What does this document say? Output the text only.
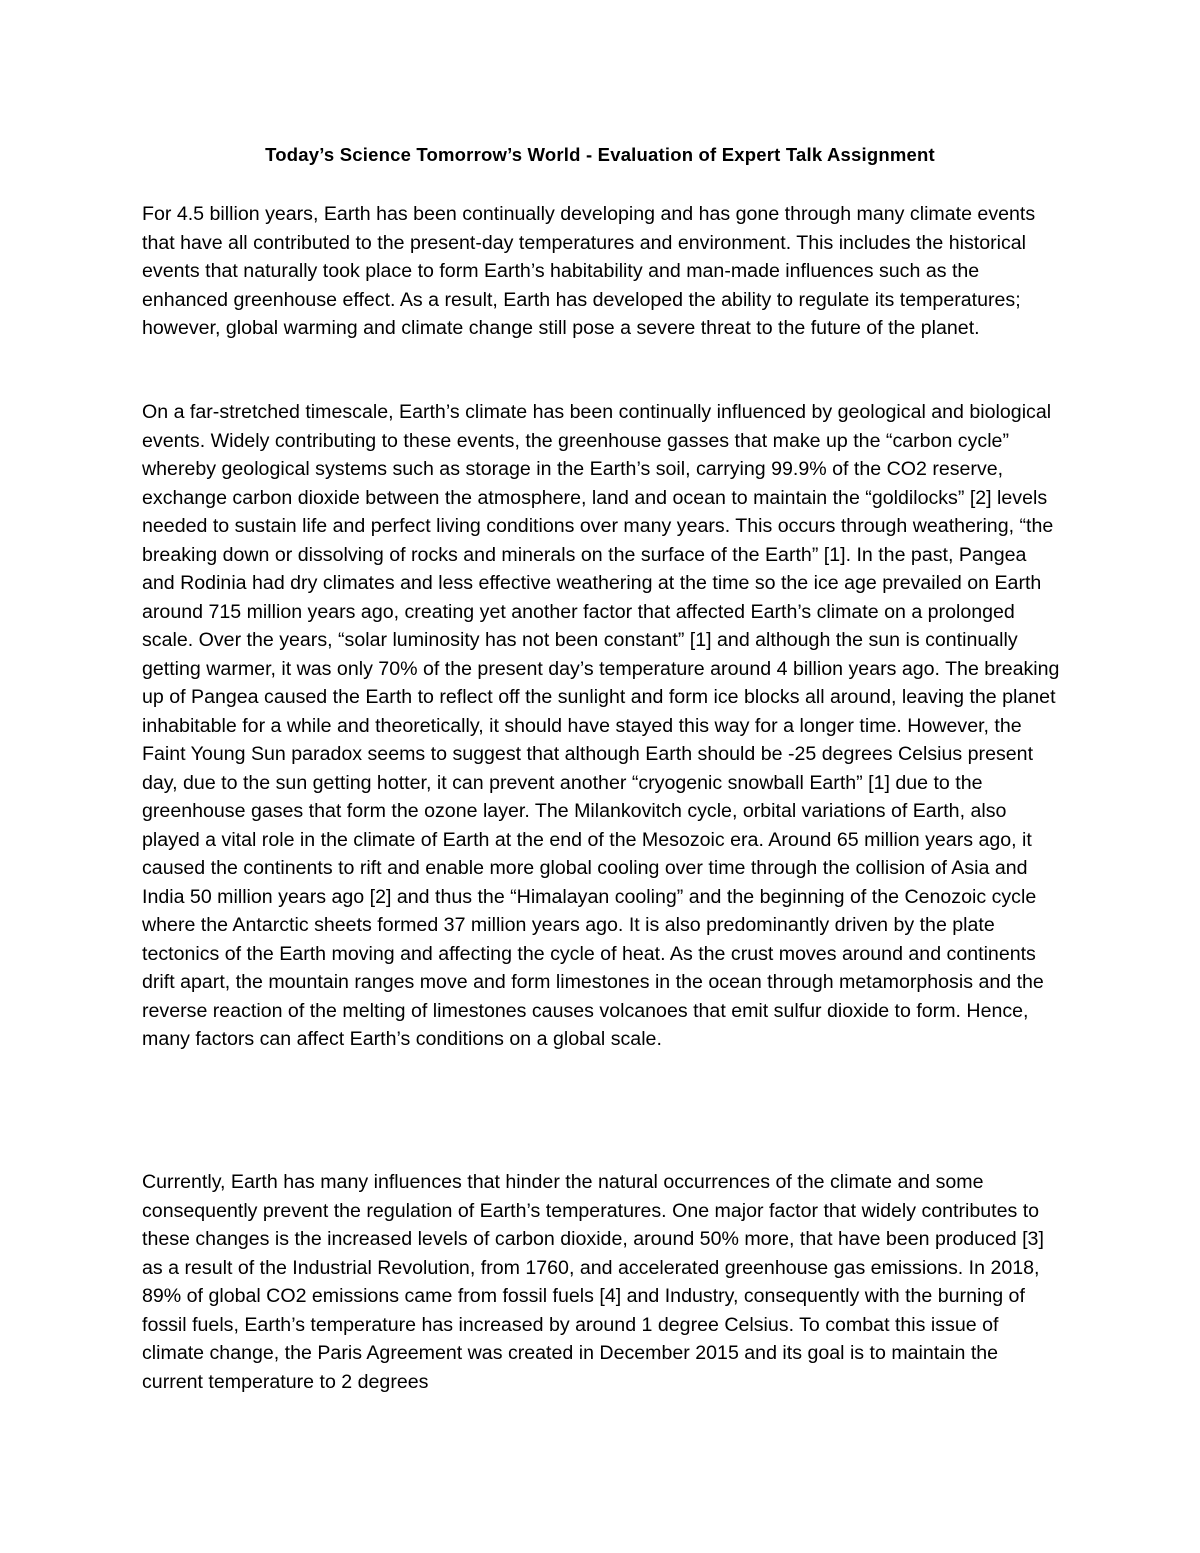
Today’s Science Tomorrow’s World - Evaluation of Expert Talk Assignment

For 4.5 billion years, Earth has been continually developing and has gone through many climate events that have all contributed to the present-day temperatures and environment. This includes the historical events that naturally took place to form Earth’s habitability and man-made influences such as the enhanced greenhouse effect. As a result, Earth has developed the ability to regulate its temperatures; however, global warming and climate change still pose a severe threat to the future of the planet.

On a far-stretched timescale, Earth’s climate has been continually influenced by geological and biological events. Widely contributing to these events, the greenhouse gasses that make up the “carbon cycle” whereby geological systems such as storage in the Earth’s soil, carrying 99.9% of the CO2 reserve, exchange carbon dioxide between the atmosphere, land and ocean to maintain the “goldilocks” [2] levels needed to sustain life and perfect living conditions over many years. This occurs through weathering, “the breaking down or dissolving of rocks and minerals on the surface of the Earth” [1]. In the past, Pangea and Rodinia had dry climates and less effective weathering at the time so the ice age prevailed on Earth around 715 million years ago, creating yet another factor that affected Earth’s climate on a prolonged scale. Over the years, “solar luminosity has not been constant” [1] and although the sun is continually getting warmer, it was only 70% of the present day’s temperature around 4 billion years ago. The breaking up of Pangea caused the Earth to reflect off the sunlight and form ice blocks all around, leaving the planet inhabitable for a while and theoretically, it should have stayed this way for a longer time. However, the Faint Young Sun paradox seems to suggest that although Earth should be -25 degrees Celsius present day, due to the sun getting hotter, it can prevent another “cryogenic snowball Earth” [1] due to the greenhouse gases that form the ozone layer. The Milankovitch cycle, orbital variations of Earth, also played a vital role in the climate of Earth at the end of the Mesozoic era. Around 65 million years ago, it caused the continents to rift and enable more global cooling over time through the collision of Asia and India 50 million years ago [2] and thus the “Himalayan cooling” and the beginning of the Cenozoic cycle where the Antarctic sheets formed 37 million years ago. It is also predominantly driven by the plate tectonics of the Earth moving and affecting the cycle of heat. As the crust moves around and continents drift apart, the mountain ranges move and form limestones in the ocean through metamorphosis and the reverse reaction of the melting of limestones causes volcanoes that emit sulfur dioxide to form. Hence, many factors can affect Earth’s conditions on a global scale.

Currently, Earth has many influences that hinder the natural occurrences of the climate and some consequently prevent the regulation of Earth’s temperatures. One major factor that widely contributes to these changes is the increased levels of carbon dioxide, around 50% more, that have been produced [3] as a result of the Industrial Revolution, from 1760, and accelerated greenhouse gas emissions. In 2018, 89% of global CO2 emissions came from fossil fuels [4] and Industry, consequently with the burning of fossil fuels, Earth’s temperature has increased by around 1 degree Celsius. To combat this issue of climate change, the Paris Agreement was created in December 2015 and its goal is to maintain the current temperature to 2 degrees
